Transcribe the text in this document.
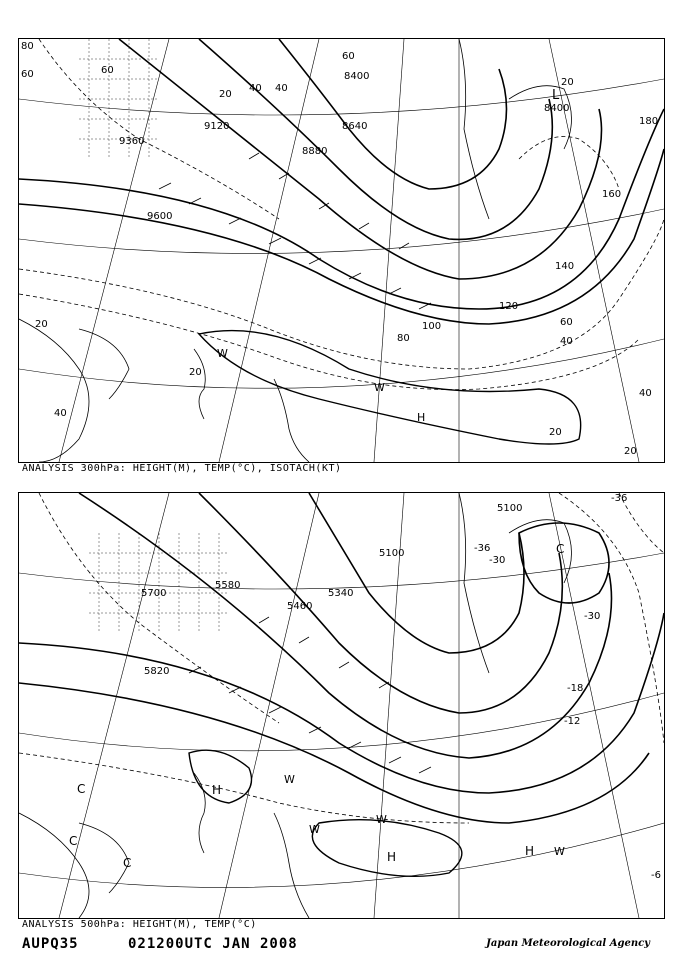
9360
9120
9600
8880
8640
8400
8400
20
40
60
80
100
120
140
160
180
60
40
20
20
40
20
20
40
L
W
W
H
80
60	60
40
20
ANALYSIS 300hPa: HEIGHT(M), TEMP(°C), ISOTACH(KT)
5100
5100
5340
5460
5700
5820
5580
-30
-36
-30
-18
-12
-6
-36	C
C
C
C
H
H	H
W
W
W
W
ANALYSIS 500hPa: HEIGHT(M), TEMP(°C)
AUPQ35	021200UTC JAN 2008	Japan Meteorological Agency
